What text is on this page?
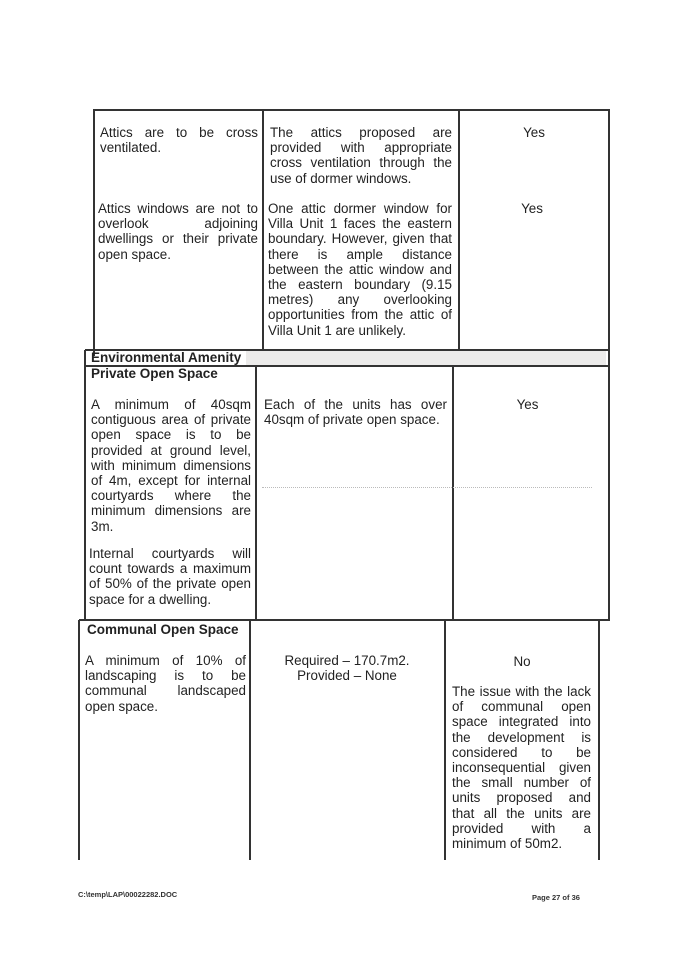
Attics are to be cross ventilated.
The attics proposed are provided with appropriate cross ventilation through the use of dormer windows.
Yes
Attics windows are not to overlook adjoining dwellings or their private open space.
One attic dormer window for Villa Unit 1 faces the eastern boundary. However, given that there is ample distance between the attic window and the eastern boundary (9.15 metres) any overlooking opportunities from the attic of Villa Unit 1 are unlikely.
Yes
Environmental Amenity
Private Open Space
A minimum of 40sqm contiguous area of private open space is to be provided at ground level, with minimum dimensions of 4m, except for internal courtyards where the minimum dimensions are 3m.
Internal courtyards will count towards a maximum of 50% of the private open space for a dwelling.
Each of the units has over 40sqm of private open space.
Yes
Communal Open Space
A minimum of 10% of landscaping is to be communal landscaped open space.
Required – 170.7m2.
Provided – None
No
The issue with the lack of communal open space integrated into the development is considered to be inconsequential given the small number of units proposed and that all the units are provided with a minimum of 50m2.
C:\temp\LAP\00022282.DOC	Page 27 of 36
